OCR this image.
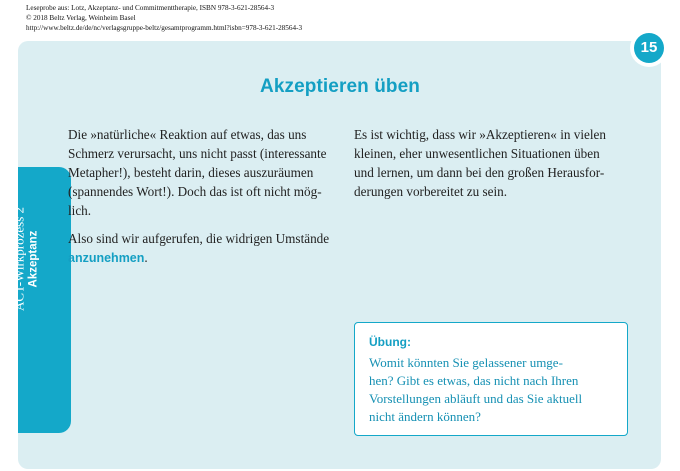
Leseprobe aus: Lotz, Akzeptanz- und Commitmenttherapie, ISBN 978-3-621-28564-3
© 2018 Beltz Verlag, Weinheim Basel
http://www.beltz.de/de/nc/verlagsgruppe-beltz/gesamtprogramm.html?isbn=978-3-621-28564-3
ACT-Wirkprozess 2 Akzeptanz
15
Akzeptieren üben
Die »natürliche« Reaktion auf etwas, das uns
Schmerz verursacht, uns nicht passt (interessante
Metapher!), besteht darin, dieses auszuräumen
(spannendes Wort!). Doch das ist oft nicht mög-
lich.
Also sind wir aufgerufen, die widrigen Umstände
anzunehmen.
Es ist wichtig, dass wir »Akzeptieren« in vielen
kleinen, eher unwesentlichen Situationen üben
und lernen, um dann bei den großen Herausfor-
derungen vorbereitet zu sein.
Übung:
Womit könnten Sie gelassener umge-
hen? Gibt es etwas, das nicht nach Ihren
Vorstellungen abläuft und das Sie aktuell
nicht ändern können?
